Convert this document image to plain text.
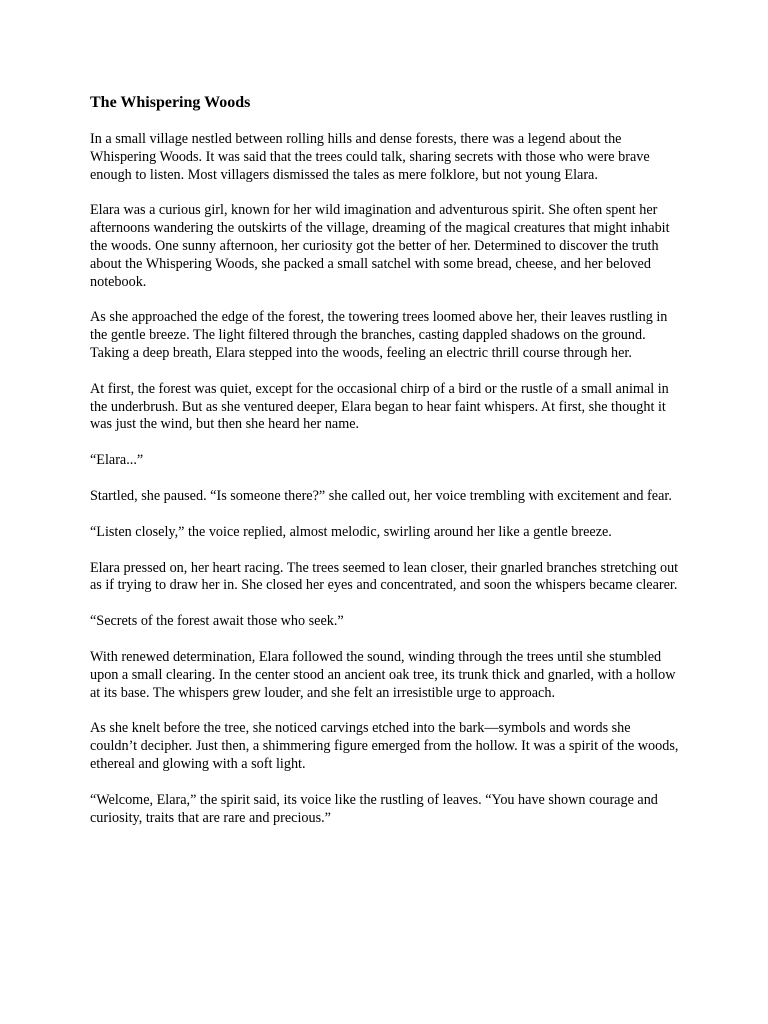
The Whispering Woods

In a small village nestled between rolling hills and dense forests, there was a legend about the Whispering Woods. It was said that the trees could talk, sharing secrets with those who were brave enough to listen. Most villagers dismissed the tales as mere folklore, but not young Elara.

Elara was a curious girl, known for her wild imagination and adventurous spirit. She often spent her afternoons wandering the outskirts of the village, dreaming of the magical creatures that might inhabit the woods. One sunny afternoon, her curiosity got the better of her. Determined to discover the truth about the Whispering Woods, she packed a small satchel with some bread, cheese, and her beloved notebook.

As she approached the edge of the forest, the towering trees loomed above her, their leaves rustling in the gentle breeze. The light filtered through the branches, casting dappled shadows on the ground. Taking a deep breath, Elara stepped into the woods, feeling an electric thrill course through her.

At first, the forest was quiet, except for the occasional chirp of a bird or the rustle of a small animal in the underbrush. But as she ventured deeper, Elara began to hear faint whispers. At first, she thought it was just the wind, but then she heard her name.

“Elara...”

Startled, she paused. “Is someone there?” she called out, her voice trembling with excitement and fear.

“Listen closely,” the voice replied, almost melodic, swirling around her like a gentle breeze.

Elara pressed on, her heart racing. The trees seemed to lean closer, their gnarled branches stretching out as if trying to draw her in. She closed her eyes and concentrated, and soon the whispers became clearer.

“Secrets of the forest await those who seek.”

With renewed determination, Elara followed the sound, winding through the trees until she stumbled upon a small clearing. In the center stood an ancient oak tree, its trunk thick and gnarled, with a hollow at its base. The whispers grew louder, and she felt an irresistible urge to approach.

As she knelt before the tree, she noticed carvings etched into the bark—symbols and words she couldn’t decipher. Just then, a shimmering figure emerged from the hollow. It was a spirit of the woods, ethereal and glowing with a soft light.

“Welcome, Elara,” the spirit said, its voice like the rustling of leaves. “You have shown courage and curiosity, traits that are rare and precious.”
